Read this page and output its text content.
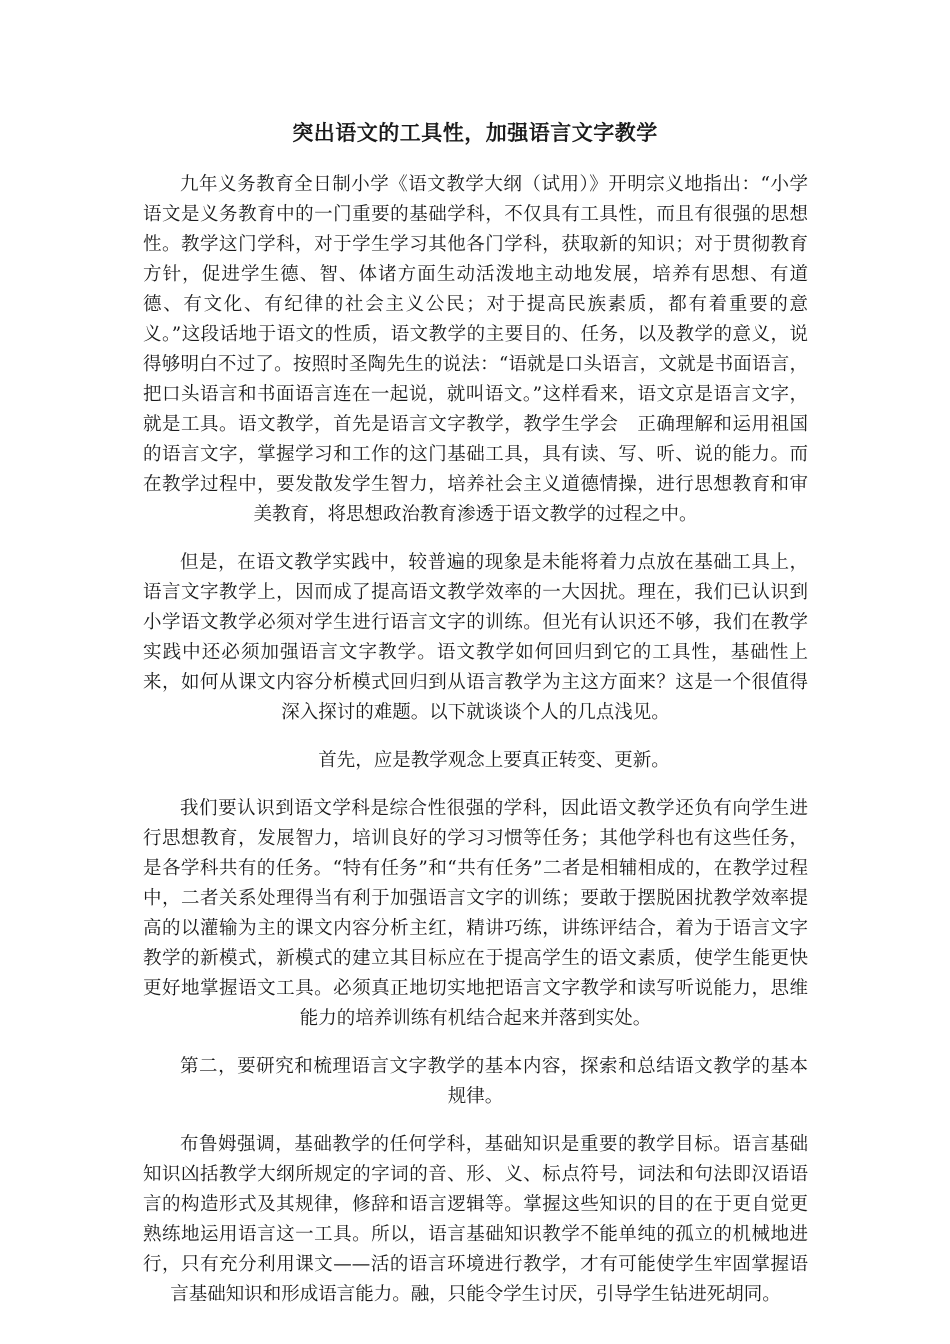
突出语文的工具性，加强语言文字教学

九年义务教育全日制小学《语文教学大纲（试用）》开明宗义地指出：“小学语文是义务教育中的一门重要的基础学科，不仅具有工具性，而且有很强的思想性。教学这门学科，对于学生学习其他各门学科，获取新的知识；对于贯彻教育方针，促进学生德、智、体诸方面生动活泼地主动地发展，培养有思想、有道德、有文化、有纪律的社会主义公民；对于提高民族素质，都有着重要的意义。”这段话地于语文的性质，语文教学的主要目的、任务，以及教学的意义，说得够明白不过了。按照时圣陶先生的说法：“语就是口头语言，文就是书面语言，把口头语言和书面语言连在一起说，就叫语文。”这样看来，语文京是语言文字，就是工具。语文教学，首先是语言文字教学，教学生学会　正确理解和运用祖国的语言文字，掌握学习和工作的这门基础工具，具有读、写、听、说的能力。而在教学过程中，要发散发学生智力，培养社会主义道德情操，进行思想教育和审美教育，将思想政治教育渗透于语文教学的过程之中。

但是，在语文教学实践中，较普遍的现象是未能将着力点放在基础工具上，语言文字教学上，因而成了提高语文教学效率的一大因扰。理在，我们已认识到小学语文教学必须对学生进行语言文字的训练。但光有认识还不够，我们在教学实践中还必须加强语言文字教学。语文教学如何回归到它的工具性，基础性上来，如何从课文内容分析模式回归到从语言教学为主这方面来？这是一个很值得深入探讨的难题。以下就谈谈个人的几点浅见。

首先，应是教学观念上要真正转变、更新。

我们要认识到语文学科是综合性很强的学科，因此语文教学还负有向学生进行思想教育，发展智力，培训良好的学习习惯等任务；其他学科也有这些任务，是各学科共有的任务。“特有任务”和“共有任务”二者是相辅相成的，在教学过程中，二者关系处理得当有利于加强语言文字的训练；要敢于摆脱困扰教学效率提高的以灌输为主的课文内容分析主红，精讲巧练，讲练评结合，着为于语言文字教学的新模式，新模式的建立其目标应在于提高学生的语文素质，使学生能更快更好地掌握语文工具。必须真正地切实地把语言文字教学和读写听说能力，思维能力的培养训练有机结合起来并落到实处。

第二，要研究和梳理语言文字教学的基本内容，探索和总结语文教学的基本规律。

布鲁姆强调，基础教学的任何学科，基础知识是重要的教学目标。语言基础知识凶括教学大纲所规定的字词的音、形、义、标点符号，词法和句法即汉语语言的构造形式及其规律，修辞和语言逻辑等。掌握这些知识的目的在于更自觉更熟练地运用语言这一工具。所以，语言基础知识教学不能单纯的孤立的机械地进行，只有充分利用课文——活的语言环境进行教学，才有可能使学生牢固掌握语言基础知识和形成语言能力。融，只能令学生讨厌，引导学生钻进死胡同。
